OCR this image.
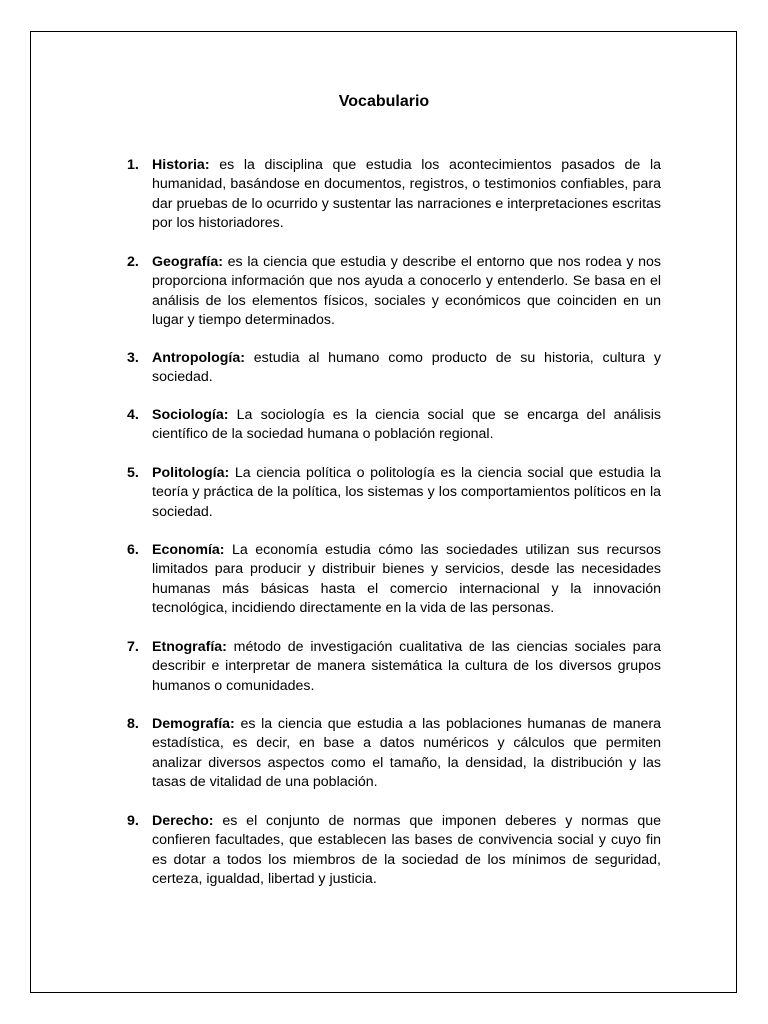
Vocabulario
1. Historia: es la disciplina que estudia los acontecimientos pasados de la humanidad, basándose en documentos, registros, o testimonios confiables, para dar pruebas de lo ocurrido y sustentar las narraciones e interpretaciones escritas por los historiadores.
2. Geografía: es la ciencia que estudia y describe el entorno que nos rodea y nos proporciona información que nos ayuda a conocerlo y entenderlo. Se basa en el análisis de los elementos físicos, sociales y económicos que coinciden en un lugar y tiempo determinados.
3. Antropología: estudia al humano como producto de su historia, cultura y sociedad.
4. Sociología: La sociología es la ciencia social que se encarga del análisis científico de la sociedad humana o población regional.
5. Politología: La ciencia política o politología es la ciencia social que estudia la teoría y práctica de la política, los sistemas y los comportamientos políticos en la sociedad.
6. Economía: La economía estudia cómo las sociedades utilizan sus recursos limitados para producir y distribuir bienes y servicios, desde las necesidades humanas más básicas hasta el comercio internacional y la innovación tecnológica, incidiendo directamente en la vida de las personas.
7. Etnografía: método de investigación cualitativa de las ciencias sociales para describir e interpretar de manera sistemática la cultura de los diversos grupos humanos o comunidades.
8. Demografía: es la ciencia que estudia a las poblaciones humanas de manera estadística, es decir, en base a datos numéricos y cálculos que permiten analizar diversos aspectos como el tamaño, la densidad, la distribución y las tasas de vitalidad de una población.
9. Derecho: es el conjunto de normas que imponen deberes y normas que confieren facultades, que establecen las bases de convivencia social y cuyo fin es dotar a todos los miembros de la sociedad de los mínimos de seguridad, certeza, igualdad, libertad y justicia.
